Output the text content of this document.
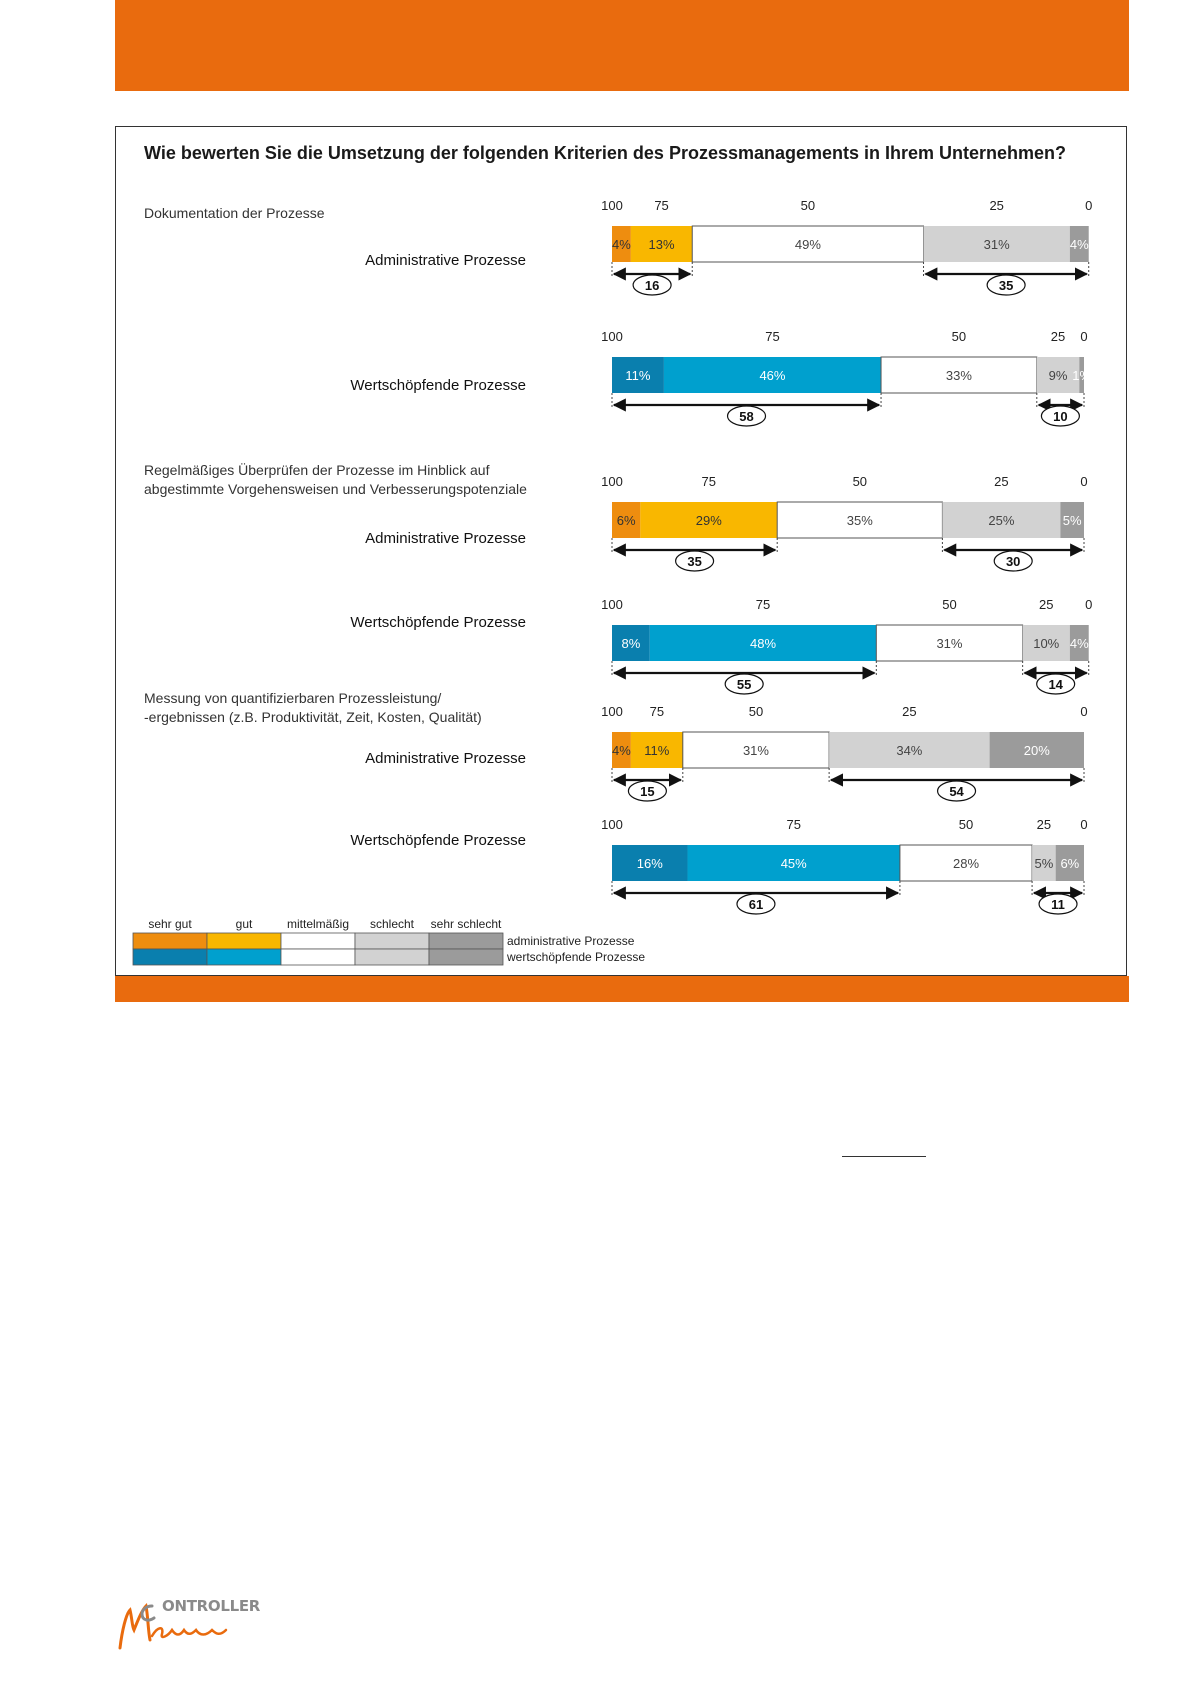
Wie bewerten Sie die Umsetzung der folgenden Kriterien des Prozessmanagements in Ihrem Unternehmen?
Dokumentation der Prozesse
Administrative Prozesse
4% 13%	49%	31%	4%
100 75	50	25	0
16	35
Wertschöpfende Prozesse
11%	46%	33%	9% 1%
100	75	50	25 0
58	10
Regelmäßiges Überprüfen der Prozesse im Hinblick auf
abgestimmte Vorgehensweisen und Verbesserungspotenziale
Administrative Prozesse
6%	29%	35%	25%	5%
100	75	50	25	0
35	30
Wertschöpfende Prozesse
8%	48%	31%	10% 4%
100	75	50	25 0
55	14
Messung von quantifizierbaren Prozessleistung/
-ergebnissen (z.B. Produktivität, Zeit, Kosten, Qualität)
Administrative Prozesse	4% 11%	31%	34%	20%
100 75	50	25	0
15	54
Wertschöpfende Prozesse
16%	45%	28%	5% 6%
100	75	50	25 0
61	11
sehr gut	gut	mittelmäßig schlecht sehr schlecht
administrative Prozesse
wertschöpfende Prozesse
ONTROLLER
